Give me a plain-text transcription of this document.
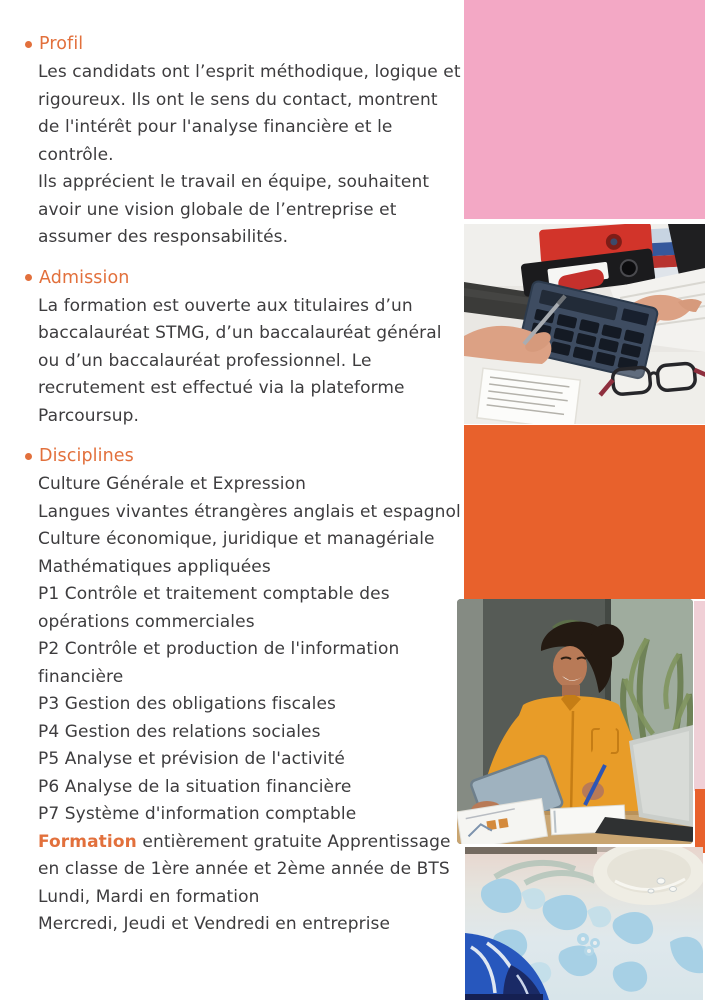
Profil

Les candidats ont l’esprit méthodique, logique et rigoureux. Ils ont le sens du contact, montrent de l'intérêt pour l'analyse financière et le contrôle.

Ils apprécient le travail en équipe, souhaitent avoir une vision globale de l’entreprise et assumer des responsabilités.

Admission

La formation est ouverte aux titulaires d’un baccalauréat STMG, d’un baccalauréat général ou d’un baccalauréat professionnel. Le recrutement est effectué via la plateforme Parcoursup.

Disciplines
Culture Générale et Expression
Langues vivantes étrangères anglais et espagnol
Culture économique, juridique et managériale
Mathématiques appliquées
P1 Contrôle et traitement comptable des opérations commerciales
P2 Contrôle et production de l'information financière
P3 Gestion des obligations fiscales
P4 Gestion des relations sociales
P5 Analyse et prévision de l'activité
P6 Analyse de la situation financière
P7 Système d'information comptable

Formation entièrement gratuite Apprentissage en classe de 1ère année et 2ème année de BTS

Lundi, Mardi en formation
Mercredi, Jeudi et Vendredi en entreprise
